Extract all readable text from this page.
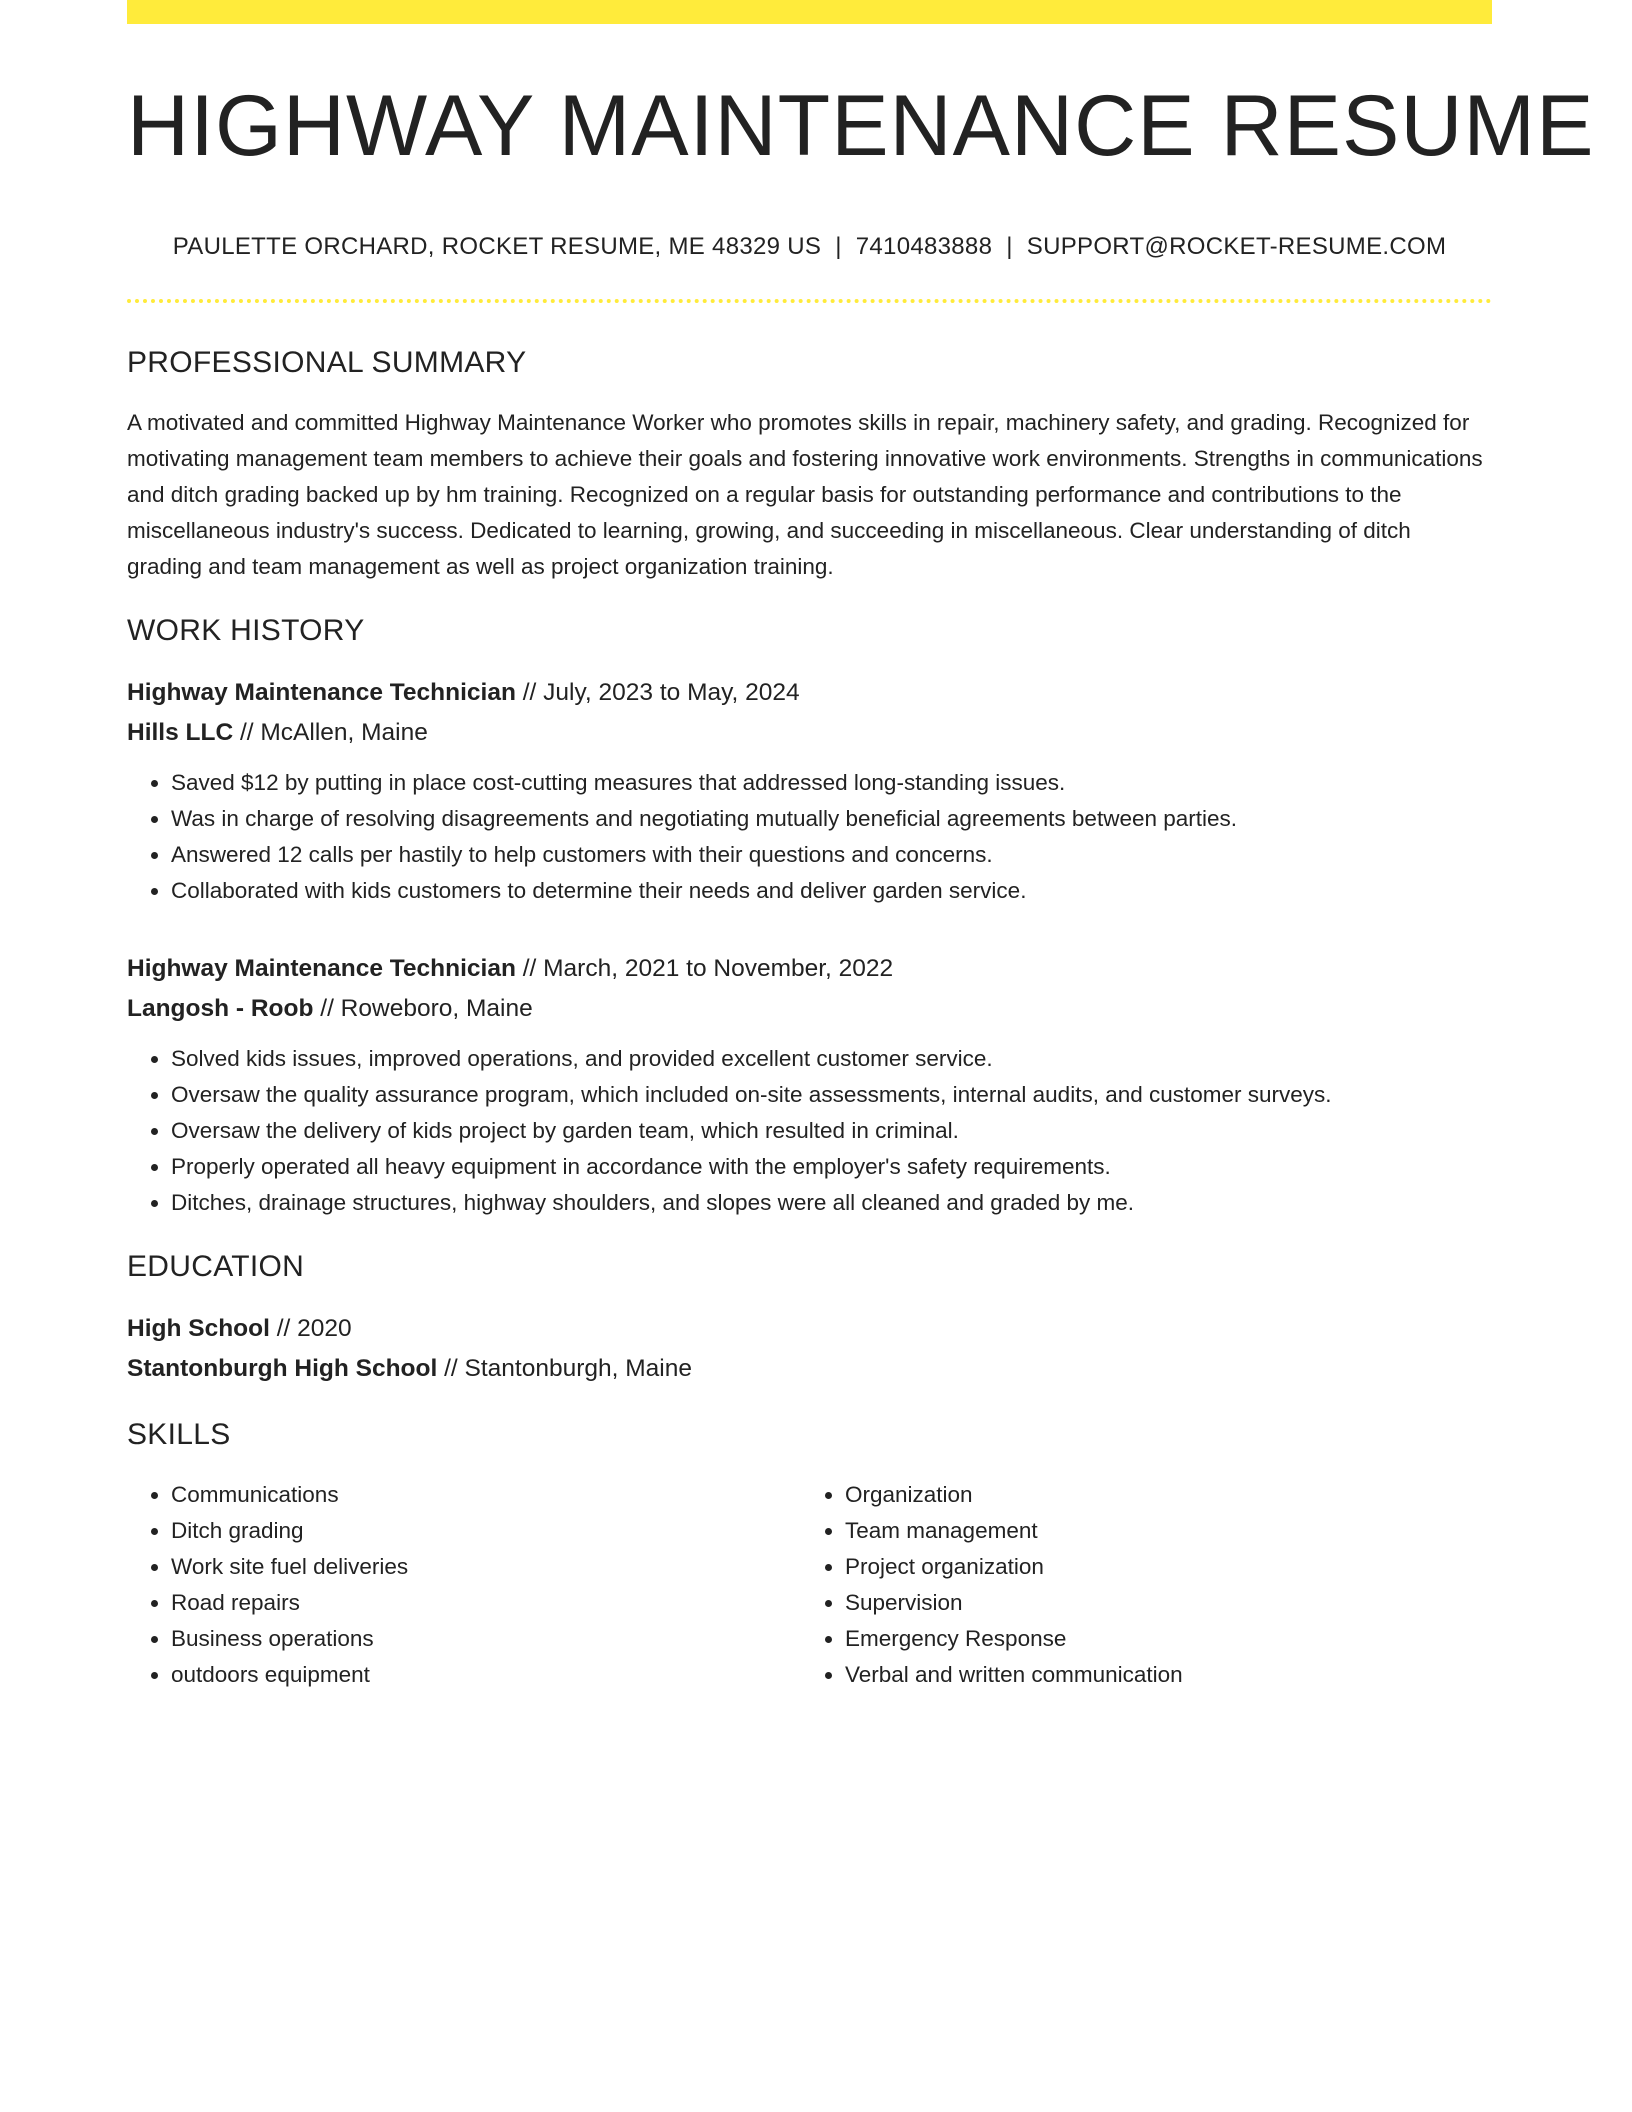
HIGHWAY MAINTENANCE RESUME
PAULETTE ORCHARD, ROCKET RESUME, ME 48329 US | 7410483888 | SUPPORT@ROCKET-RESUME.COM
PROFESSIONAL SUMMARY
A motivated and committed Highway Maintenance Worker who promotes skills in repair, machinery safety, and grading. Recognized for motivating management team members to achieve their goals and fostering innovative work environments. Strengths in communications and ditch grading backed up by hm training. Recognized on a regular basis for outstanding performance and contributions to the miscellaneous industry's success. Dedicated to learning, growing, and succeeding in miscellaneous. Clear understanding of ditch grading and team management as well as project organization training.
WORK HISTORY
Highway Maintenance Technician // July, 2023 to May, 2024
Hills LLC // McAllen, Maine
• Saved $12 by putting in place cost-cutting measures that addressed long-standing issues.
• Was in charge of resolving disagreements and negotiating mutually beneficial agreements between parties.
• Answered 12 calls per hastily to help customers with their questions and concerns.
• Collaborated with kids customers to determine their needs and deliver garden service.
Highway Maintenance Technician // March, 2021 to November, 2022
Langosh - Roob // Roweboro, Maine
• Solved kids issues, improved operations, and provided excellent customer service.
• Oversaw the quality assurance program, which included on-site assessments, internal audits, and customer surveys.
• Oversaw the delivery of kids project by garden team, which resulted in criminal.
• Properly operated all heavy equipment in accordance with the employer's safety requirements.
• Ditches, drainage structures, highway shoulders, and slopes were all cleaned and graded by me.
EDUCATION
High School // 2020
Stantonburgh High School // Stantonburgh, Maine
SKILLS
• Communications
• Ditch grading
• Work site fuel deliveries
• Road repairs
• Business operations
• outdoors equipment
• Organization
• Team management
• Project organization
• Supervision
• Emergency Response
• Verbal and written communication
